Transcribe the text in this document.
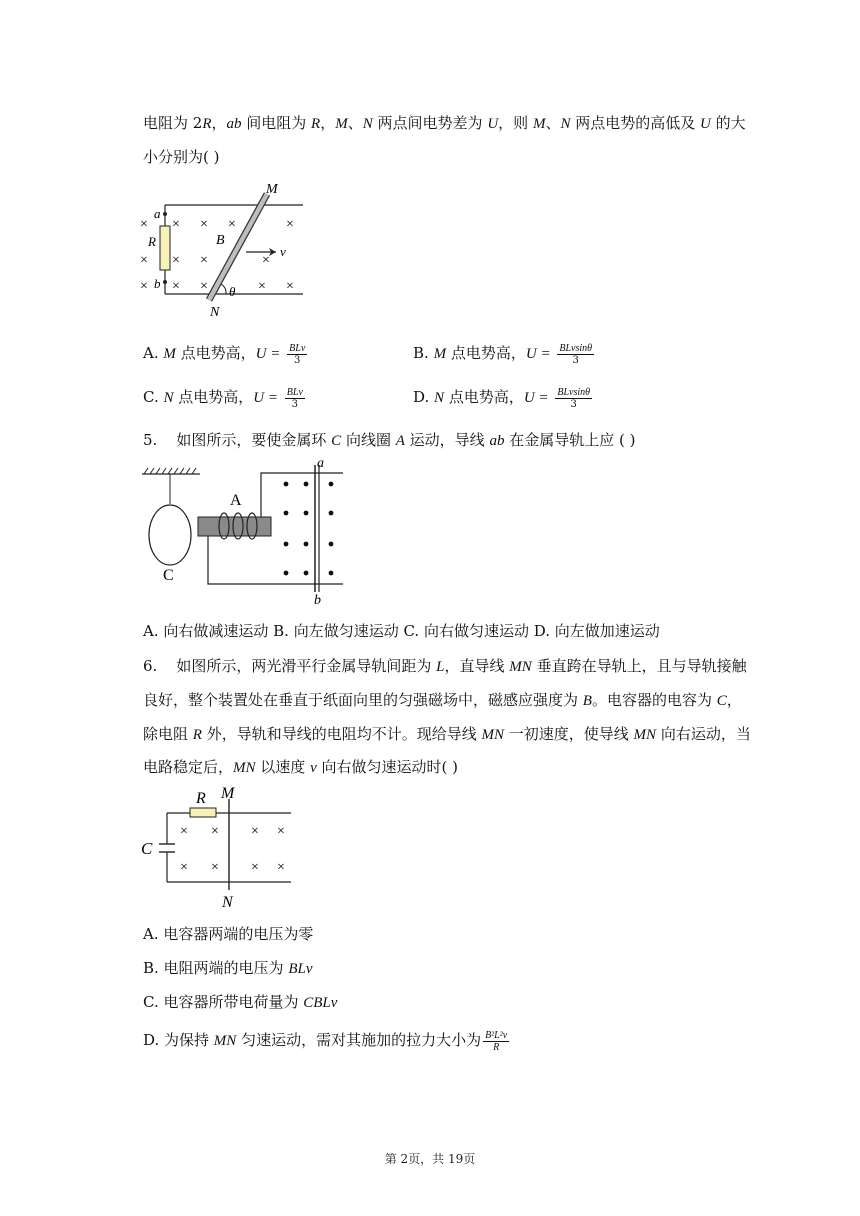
电阻为 2R，ab 间电阻为 R，M、N 两点间电势差为 U，则 M、N 两点电势的高低及 U 的大
小分别为( )
a
b
R
×
×
×
× × ×	×
× ×
× ×	× ×
×
M
N
B
v
θ
A. M 点电势高，$U = \frac{\text{BLv}}{3}$	B. M 点电势高，$U = \frac{\text{BLvsinθ}}{3}$
C. N 点电势高，$U = \frac{\text{BLv}}{3}$	D. N 点电势高，$U = \frac{\text{BLvsinθ}}{3}$
5. 如图所示，要使金属环 C 向线圈 A 运动，导线 ab 在金属导轨上应 ( )
C
A
a
b
A. 向右做减速运动 B. 向左做匀速运动 C. 向右做匀速运动 D. 向左做加速运动
6. 如图所示，两光滑平行金属导轨间距为 L，直导线 MN 垂直跨在导轨上，且与导轨接触
良好，整个装置处在垂直于纸面向里的匀强磁场中，磁感应强度为 B。电容器的电容为 C，
除电阻 R 外，导轨和导线的电阻均不计。现给导线 MN 一初速度，使导线 MN 向右运动，当
电路稳定后，MN 以速度 v 向右做匀速运动时( )
R M
N
C
× × × ×
× × × ×
A. 电容器两端的电压为零
B. 电阻两端的电压为 BLv
C. 电容器所带电荷量为 CBLv
D. 为保持 MN 匀速运动，需对其施加的拉力大小为 $\frac{\text{B²L²v}}{R}$
第 2页，共 19页
